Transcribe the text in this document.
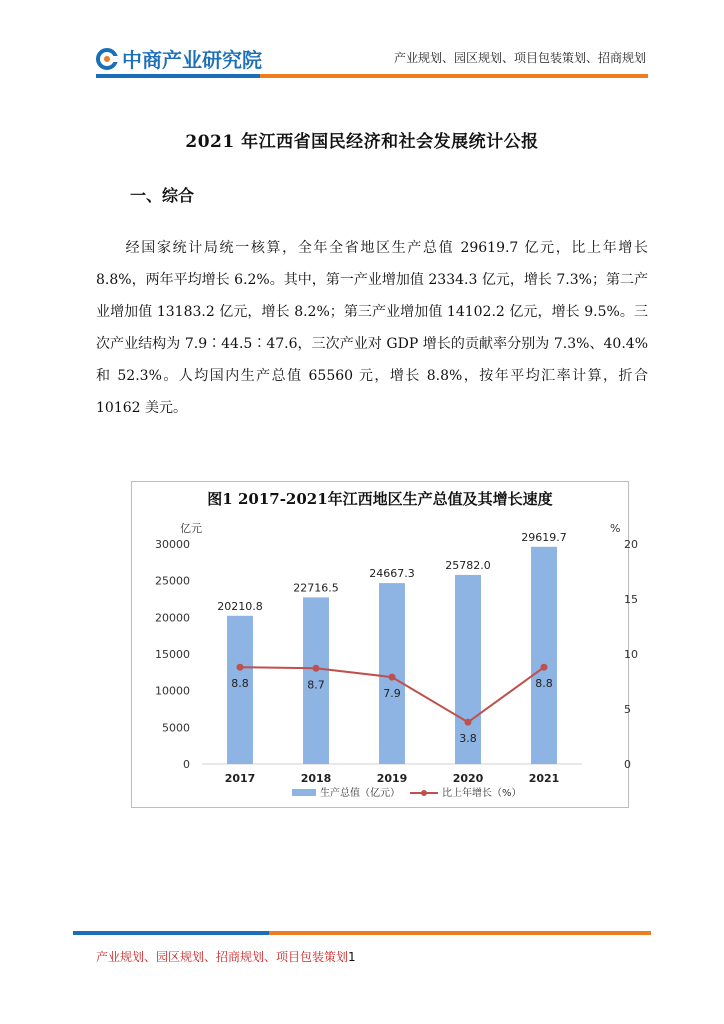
中商产业研究院	产业规划、园区规划、项目包装策划、招商规划
2021 年江西省国民经济和社会发展统计公报
一、综合
经国家统计局统一核算，全年全省地区生产总值 29619.7 亿元，比上年增长 8.8%，两年平均增长 6.2%。其中，第一产业增加值 2334.3 亿元，增长 7.3%；第二产业增加值 13183.2 亿元，增长 8.2%；第三产业增加值 14102.2 亿元，增长 9.5%。三次产业结构为 7.9∶44.5∶47.6，三次产业对 GDP 增长的贡献率分别为 7.3%、40.4%和 52.3%。人均国内生产总值 65560 元，增长 8.8%，按年平均汇率计算，折合 10162 美元。
图1 2017-2021年江西地区生产总值及其增长速度
亿元	%
0
5000
10000
15000
20000
25000
30000
0
5
10
15
20
20210.8
22716.5
24667.3
25782.0
29619.7
2017	2018	2019	2020	2021
8.8	8.7
7.9
3.8
8.8
生产总值（亿元）	比上年增长（%）
产业规划、园区规划、招商规划、项目包装策划1
